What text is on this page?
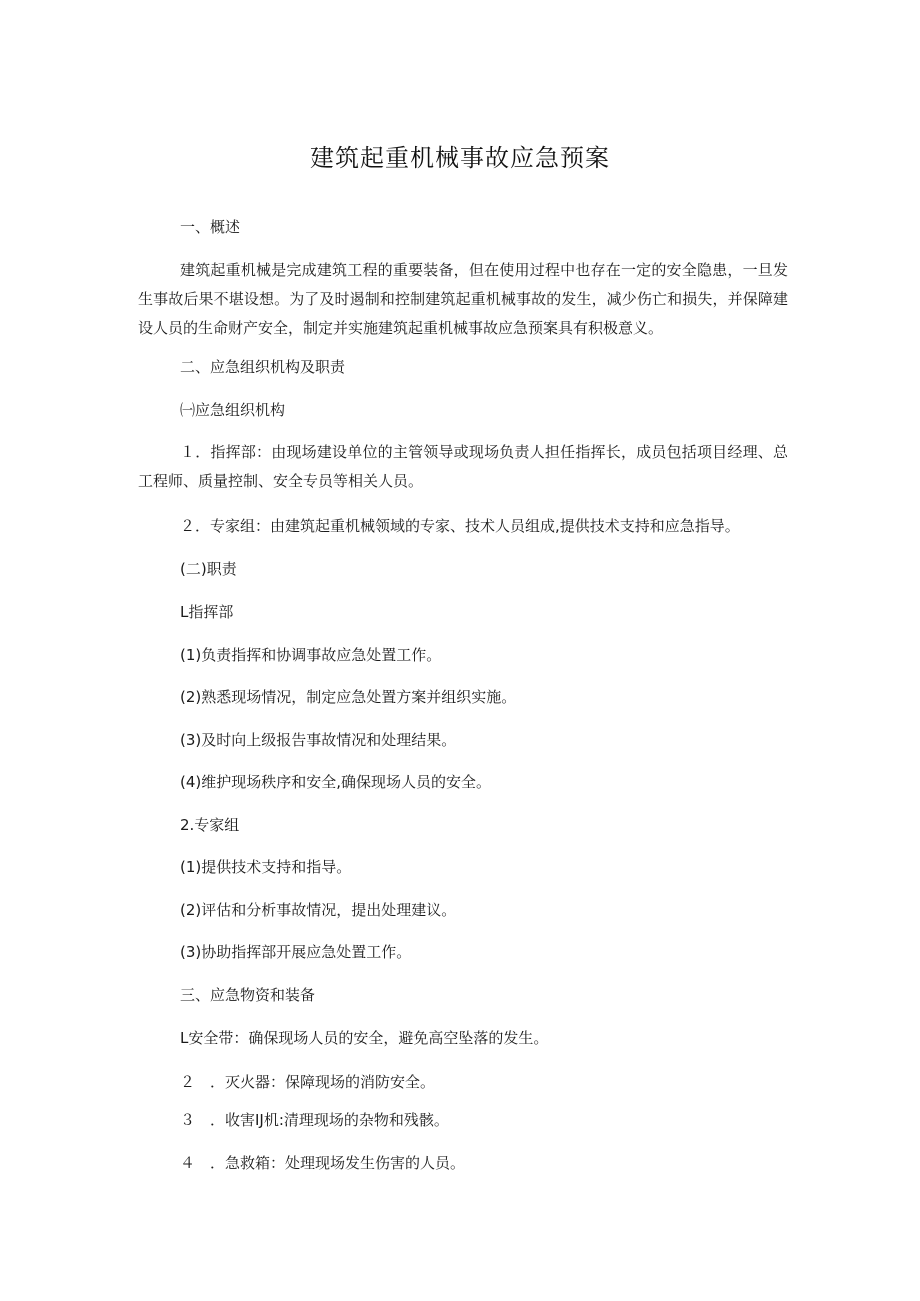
建筑起重机械事故应急预案

一、概述

建筑起重机械是完成建筑工程的重要装备，但在使用过程中也存在一定的安全隐患，一旦发生事故后果不堪设想。为了及时遏制和控制建筑起重机械事故的发生，减少伤亡和损失，并保障建设人员的生命财产安全，制定并实施建筑起重机械事故应急预案具有积极意义。

二、应急组织机构及职责

㈠应急组织机构

１．指挥部：由现场建设单位的主管领导或现场负责人担任指挥长，成员包括项目经理、总工程师、质量控制、安全专员等相关人员。

２．专家组：由建筑起重机械领域的专家、技术人员组成,提供技术支持和应急指导。

(二)职责

L指挥部

(1)负责指挥和协调事故应急处置工作。

(2)熟悉现场情况，制定应急处置方案并组织实施。

(3)及时向上级报告事故情况和处理结果。

(4)维护现场秩序和安全,确保现场人员的安全。

2.专家组

(1)提供技术支持和指导。

(2)评估和分析事故情况，提出处理建议。

(3)协助指挥部开展应急处置工作。

三、应急物资和装备

L安全带：确保现场人员的安全，避免高空坠落的发生。

２　．灭火器：保障现场的消防安全。

３　．收害IJ机:清理现场的杂物和残骸。

４　．急救箱：处理现场发生伤害的人员。
